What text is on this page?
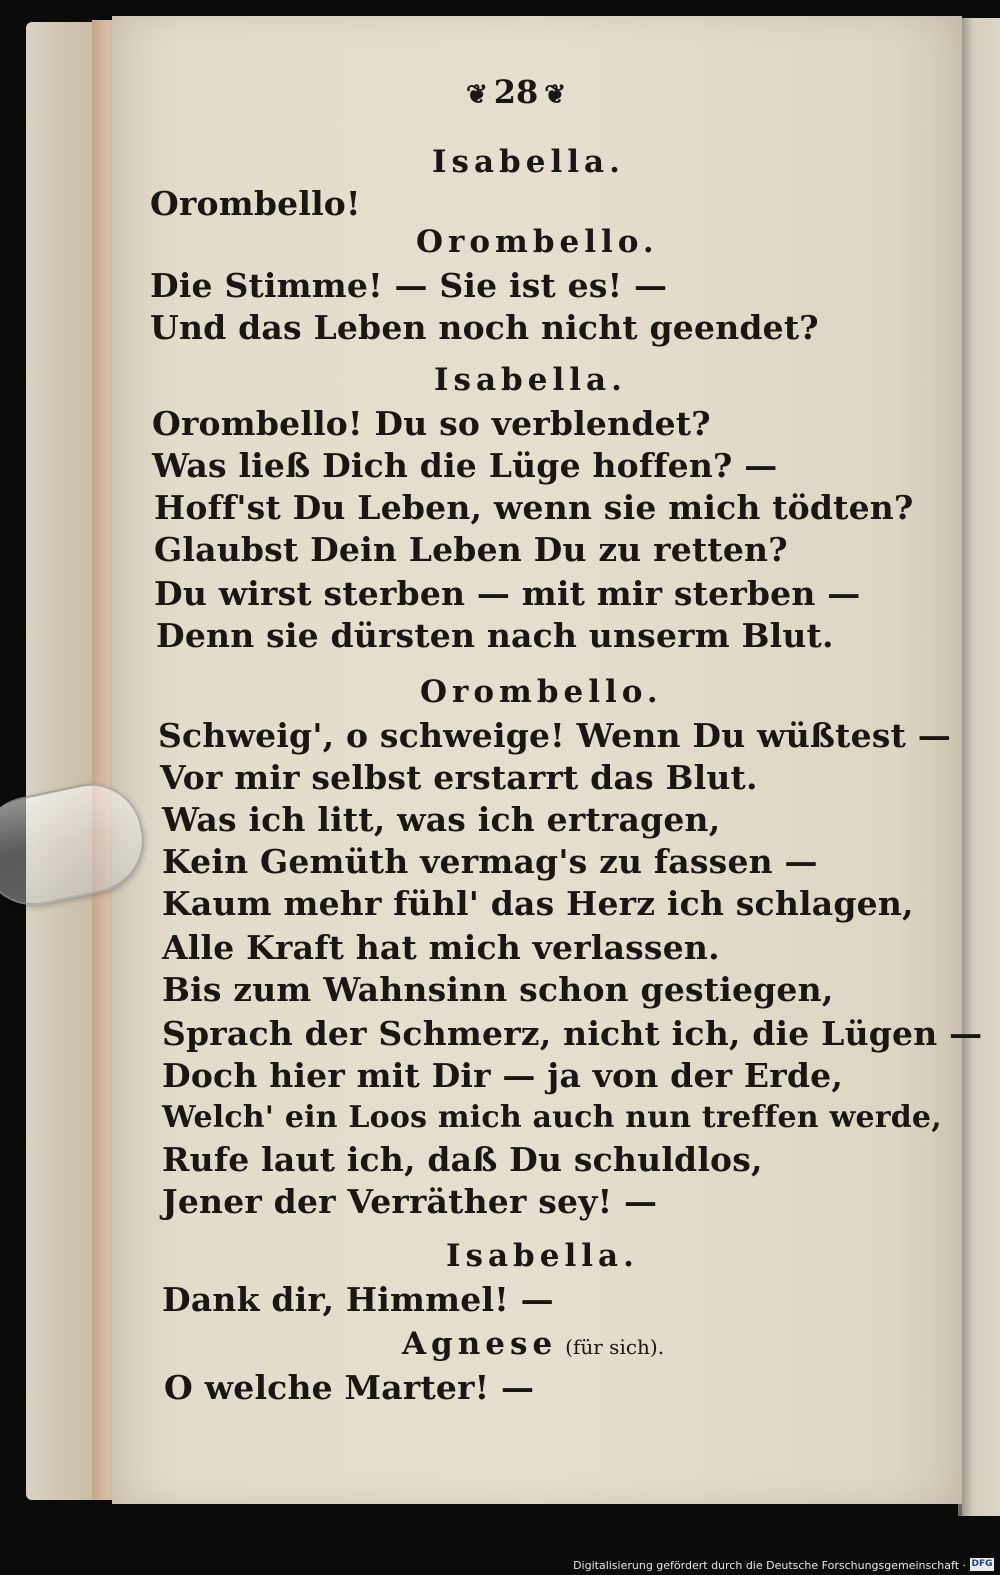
❦ 28 ❦
Isabella.
Orombello!
Orombello.
Die Stimme! — Sie ist es! —
Und das Leben noch nicht geendet?
Isabella.
Orombello! Du so verblendet?
Was ließ Dich die Lüge hoffen? —
Hoff'st Du Leben, wenn sie mich tödten?
Glaubst Dein Leben Du zu retten?
Du wirst sterben — mit mir sterben —
Denn sie dürsten nach unserm Blut.
Orombello.
Schweig', o schweige! Wenn Du wüßtest —
Vor mir selbst erstarrt das Blut.
Was ich litt, was ich ertragen,
Kein Gemüth vermag's zu fassen —
Kaum mehr fühl' das Herz ich schlagen,
Alle Kraft hat mich verlassen.
Bis zum Wahnsinn schon gestiegen,
Sprach der Schmerz, nicht ich, die Lügen —
Doch hier mit Dir — ja von der Erde,
Welch' ein Loos mich auch nun treffen werde,
Rufe laut ich, daß Du schuldlos,
Jener der Verräther sey! —
Isabella.
Dank dir, Himmel! —
Agnese (für sich).
O welche Marter! —
Digitalisierung gefördert durch die Deutsche Forschungsgemeinschaft · DFG
